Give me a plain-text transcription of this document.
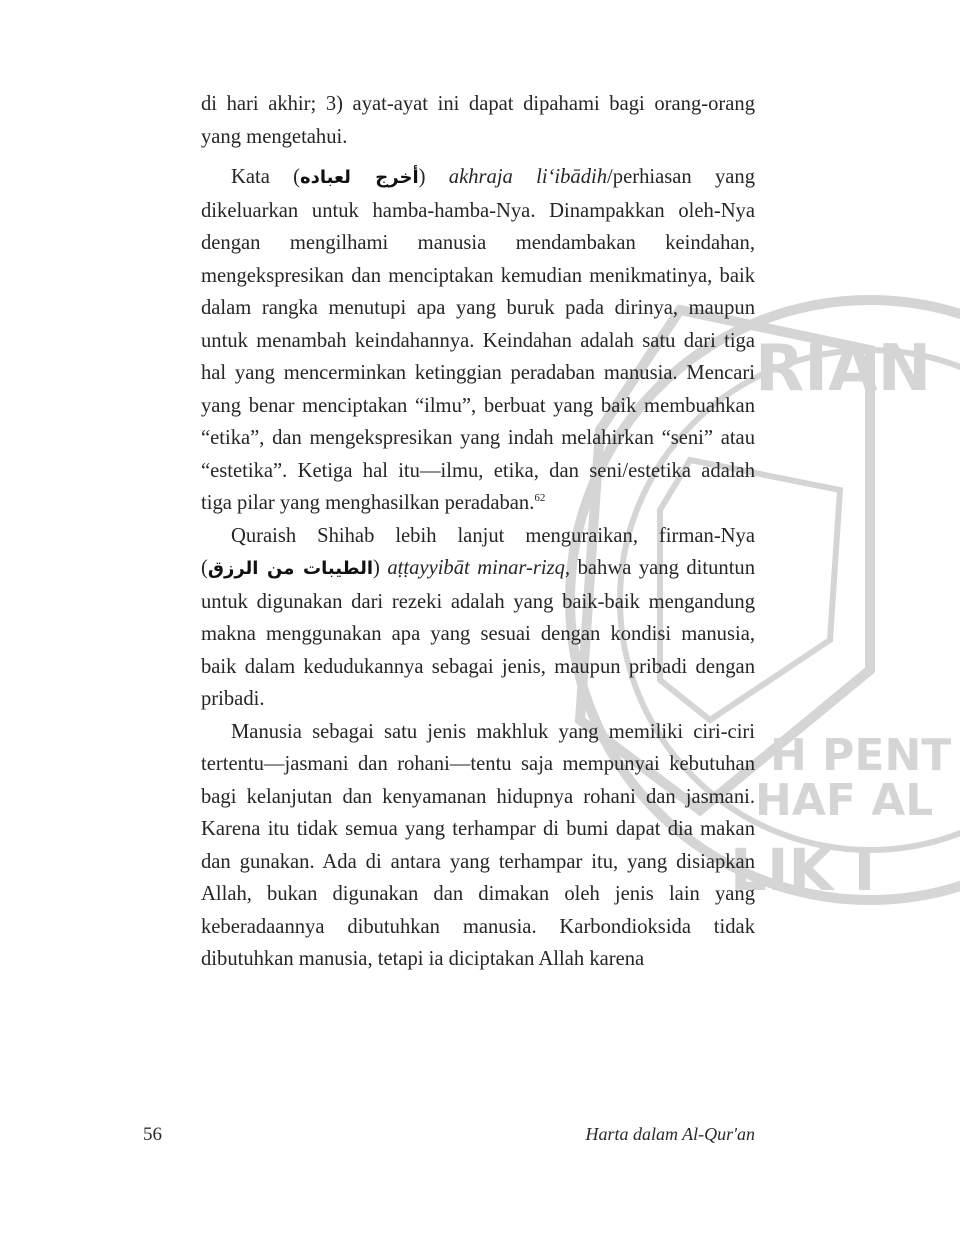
RIAN
H PENT
HAF AL
LIK I

di hari akhir; 3) ayat-ayat ini dapat dipahami bagi orang-orang yang mengetahui.

Kata (أخرج لعباده) akhraja li‘ibādih/perhiasan yang dikeluarkan untuk hamba-hamba-Nya. Dinampakkan oleh-Nya dengan mengilhami manusia mendambakan keindahan, mengekspresikan dan menciptakan kemudian menikmatinya, baik dalam rangka menutupi apa yang buruk pada dirinya, maupun untuk menambah keindahannya. Keindahan adalah satu dari tiga hal yang mencerminkan ketinggian peradaban manusia. Mencari yang benar menciptakan “ilmu”, berbuat yang baik membuahkan “etika”, dan mengekspresikan yang indah melahirkan “seni” atau “estetika”. Ketiga hal itu—ilmu, etika, dan seni/estetika adalah tiga pilar yang menghasilkan peradaban.$^{62}$

Quraish Shihab lebih lanjut menguraikan, firman-Nya (الطيبات من الرزق) aṭṭayyibāt minar-rizq, bahwa yang dituntun untuk digunakan dari rezeki adalah yang baik-baik mengandung makna menggunakan apa yang sesuai dengan kondisi manusia, baik dalam kedudukannya sebagai jenis, maupun pribadi dengan pribadi.

Manusia sebagai satu jenis makhluk yang memiliki ciri-ciri tertentu—jasmani dan rohani—tentu saja mempunyai kebutuhan bagi kelanjutan dan kenyamanan hidupnya rohani dan jasmani. Karena itu tidak semua yang terhampar di bumi dapat dia makan dan gunakan. Ada di antara yang terhampar itu, yang disiapkan Allah, bukan digunakan dan dimakan oleh jenis lain yang keberadaannya dibutuhkan manusia. Karbondioksida tidak dibutuhkan manusia, tetapi ia diciptakan Allah karena

56	Harta dalam Al-Qur'an
